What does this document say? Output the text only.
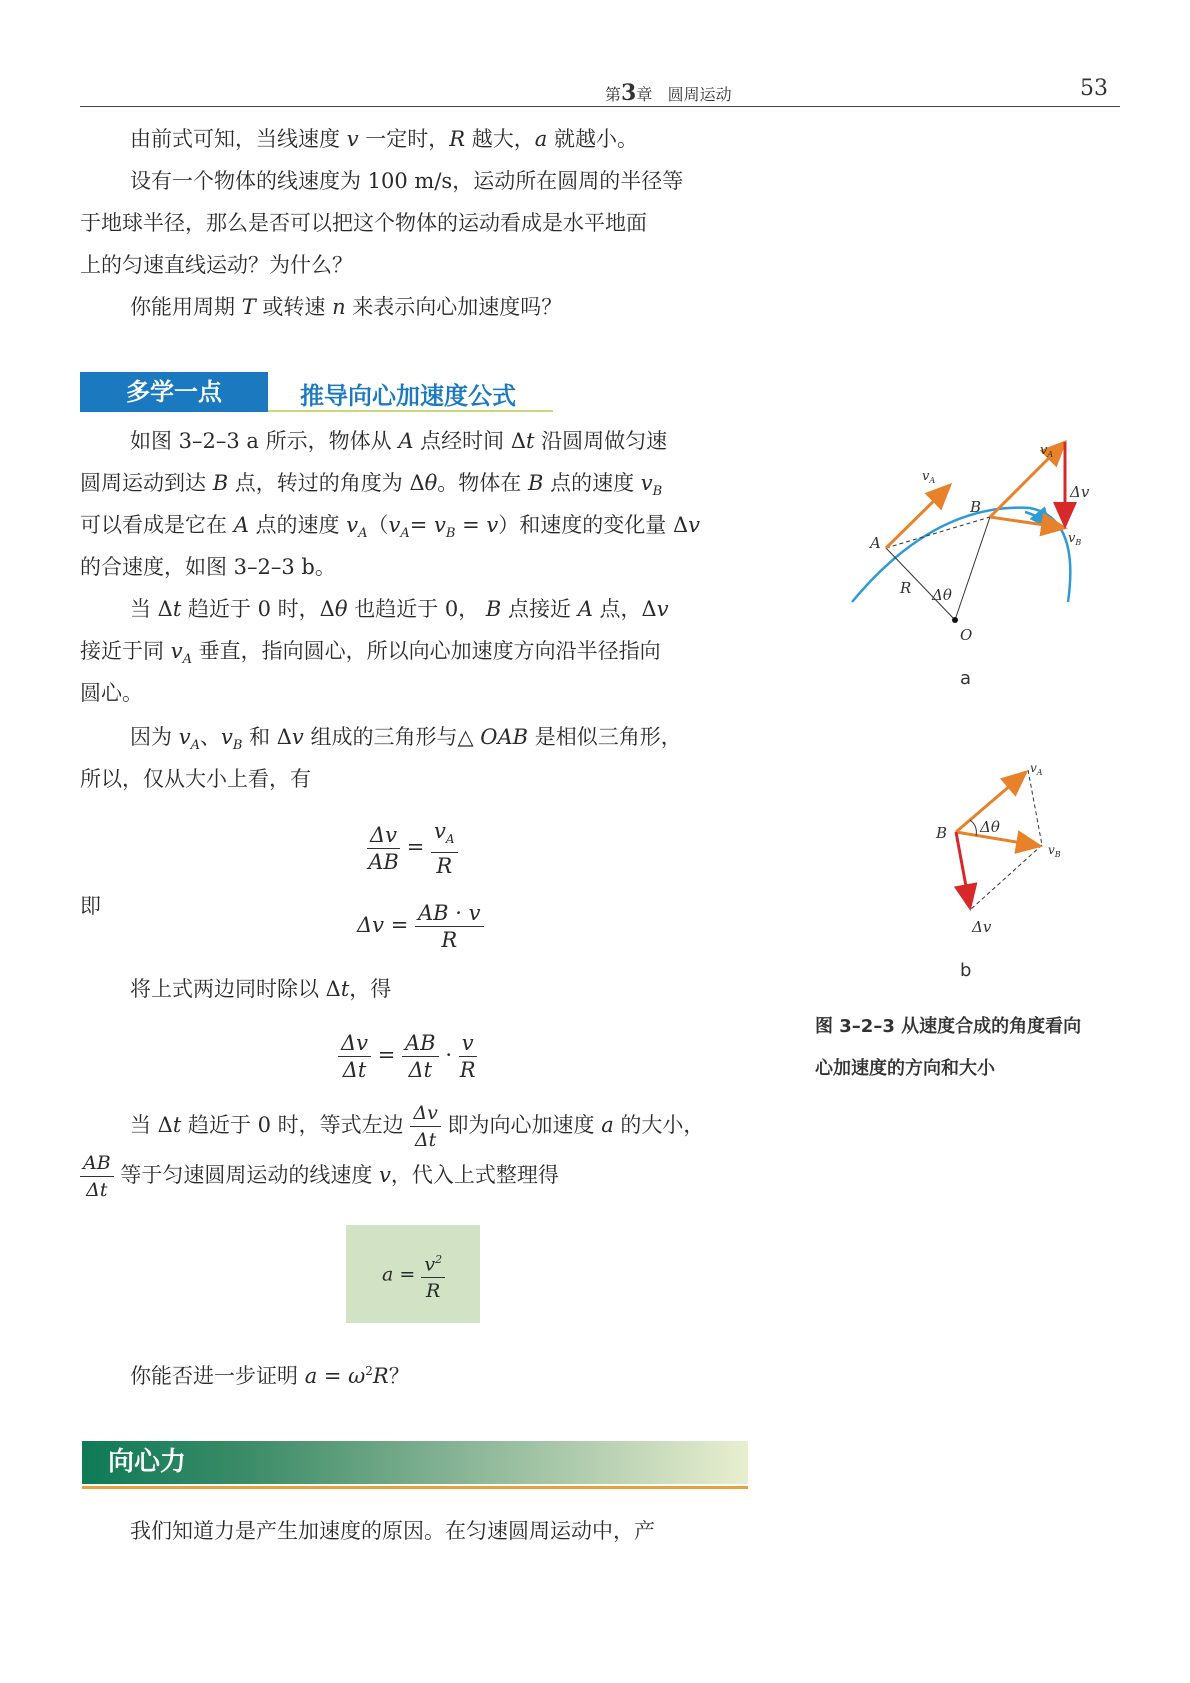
第3章 圆周运动	53
由前式可知，当线速度 v 一定时，R 越大，a 就越小。
设有一个物体的线速度为 100 m/s，运动所在圆周的半径等
于地球半径，那么是否可以把这个物体的运动看成是水平地面
上的匀速直线运动？为什么？
你能用周期 T 或转速 n 来表示向心加速度吗？
多学一点	推导向心加速度公式
如图 3–2–3 a 所示，物体从 A 点经时间 Δt 沿圆周做匀速
圆周运动到达 B 点，转过的角度为 Δθ。物体在 B 点的速度 $v_B$
可以看成是它在 A 点的速度 $v_A(v_A= v_B = v)$和速度的变化量 Δv
的合速度，如图 3–2–3 b。
当 Δt 趋近于 0 时，Δθ 也趋近于 0， B 点接近 A 点，Δv
接近于同 $v_A$ 垂直，指向圆心，所以向心加速度方向沿半径指向
圆心。
因为 $v_A$、$v_B$ 和 Δv 组成的三角形与△ OAB 是相似三角形，
所以，仅从大小上看，有
$\frac{\Delta v}{AB} = \frac{v_A}{R}$
即
$\Delta v = \frac{AB \cdot v}{R}$
将上式两边同时除以 Δt，得
$\frac{\Delta v}{\Delta t} = \frac{AB}{\Delta t} \cdot \frac{v}{R}$
当 Δt 趋近于 0 时，等式左边 $\frac{\Delta v}{\Delta t}$ 即为向心加速度 a 的大小，
$\frac{AB}{\Delta t}$ 等于匀速圆周运动的线速度 v，代入上式整理得
$a = \frac{v^2}{R}$
你能否进一步证明 $a = \omega^2R$？
向心力
我们知道力是产生加速度的原因。在匀速圆周运动中，产
$v_A$
$v_A$
$v_B$
Δv
A
B
R Δθ
O
a
$v_A$
$v_B$
B Δθ
Δv
b
图 3–2–3 从速度合成的角度看向
心加速度的方向和大小
